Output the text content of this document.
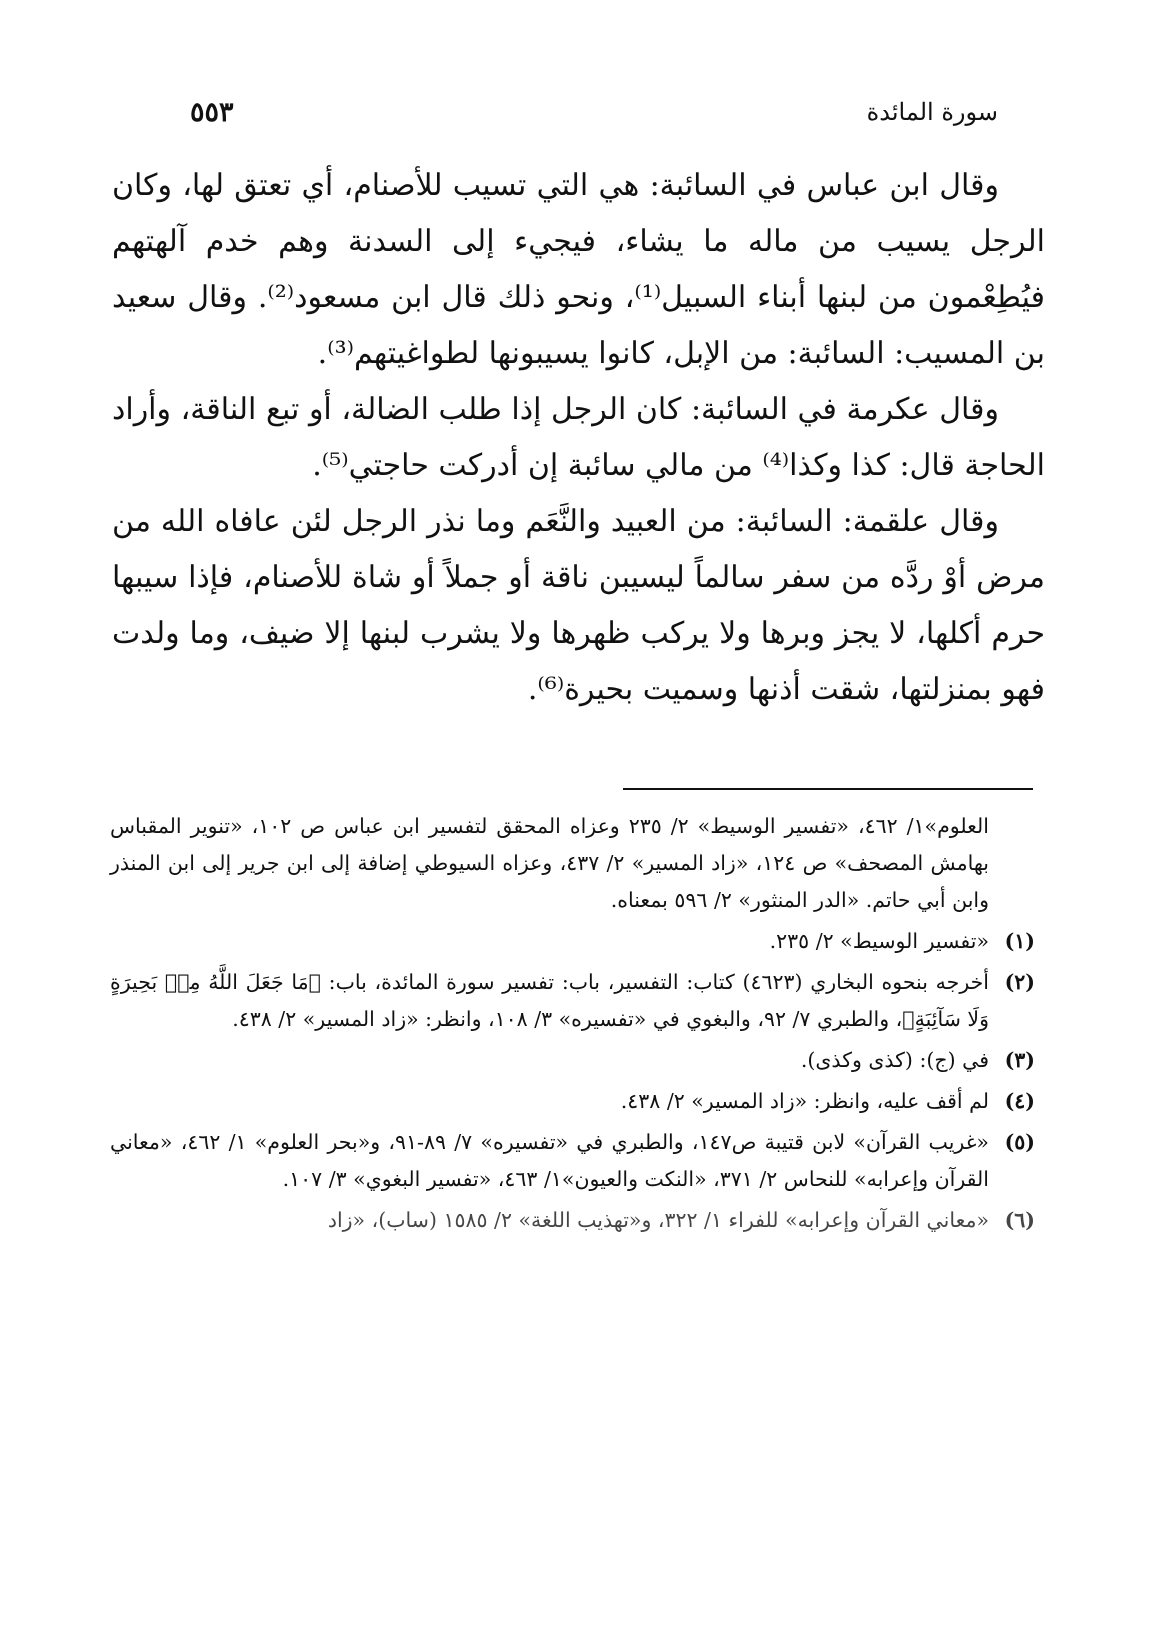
سورة المائدة
٥٥٣

وقال ابن عباس في السائبة: هي التي تسيب للأصنام، أي تعتق لها، وكان الرجل يسيب من ماله ما يشاء، فيجيء إلى السدنة وهم خدم آلهتهم فيُطِعْمون من لبنها أبناء السبيل⁽¹⁾، ونحو ذلك قال ابن مسعود⁽²⁾. وقال سعيد بن المسيب: السائبة: من الإبل، كانوا يسيبونها لطواغيتهم⁽³⁾.

وقال عكرمة في السائبة: كان الرجل إذا طلب الضالة، أو تبع الناقة، وأراد الحاجة قال: كذا وكذا⁽⁴⁾ من مالي سائبة إن أدركت حاجتي⁽⁵⁾.

وقال علقمة: السائبة: من العبيد والنَّعَم وما نذر الرجل لئن عافاه الله من مرض أوْ ردَّه من سفر سالماً ليسيبن ناقة أو جملاً أو شاة للأصنام، فإذا سيبها حرم أكلها، لا يجز وبرها ولا يركب ظهرها ولا يشرب لبنها إلا ضيف، وما ولدت فهو بمنزلتها، شقت أذنها وسميت بحيرة⁽⁶⁾.

العلوم»١/ ٤٦٢، «تفسير الوسيط» ٢/ ٢٣٥ وعزاه المحقق لتفسير ابن عباس ص ١٠٢، «تنوير المقباس بهامش المصحف» ص ١٢٤، «زاد المسير» ٢/ ٤٣٧، وعزاه السيوطي إضافة إلى ابن جرير إلى ابن المنذر وابن أبي حاتم. «الدر المنثور» ٢/ ٥٩٦ بمعناه.

(١)
«تفسير الوسيط» ٢/ ٢٣٥.
(٢)
أخرجه بنحوه البخاري (٤٦٢٣) كتاب: التفسير، باب: تفسير سورة المائدة، باب: ﴿مَا جَعَلَ اللَّهُ مِنۢ بَحِيرَةٍ وَلَا سَآئِبَةٍ﴾، والطبري ٧/ ٩٢، والبغوي في «تفسيره» ٣/ ١٠٨، وانظر: «زاد المسير» ٢/ ٤٣٨.
(٣)
في (ج): (كذى وكذى).
(٤)
لم أقف عليه، وانظر: «زاد المسير» ٢/ ٤٣٨.
(٥)
«غريب القرآن» لابن قتيبة ص١٤٧، والطبري في «تفسيره» ٧/ ٨٩-٩١، و«بحر العلوم» ١/ ٤٦٢، «معاني القرآن وإعرابه» للنحاس ٢/ ٣٧١، «النكت والعيون»١/ ٤٦٣، «تفسير البغوي» ٣/ ١٠٧.
(٦)
«معاني القرآن وإعرابه» للفراء ١/ ٣٢٢، و«تهذيب اللغة» ٢/ ١٥٨٥ (ساب)، «زاد
